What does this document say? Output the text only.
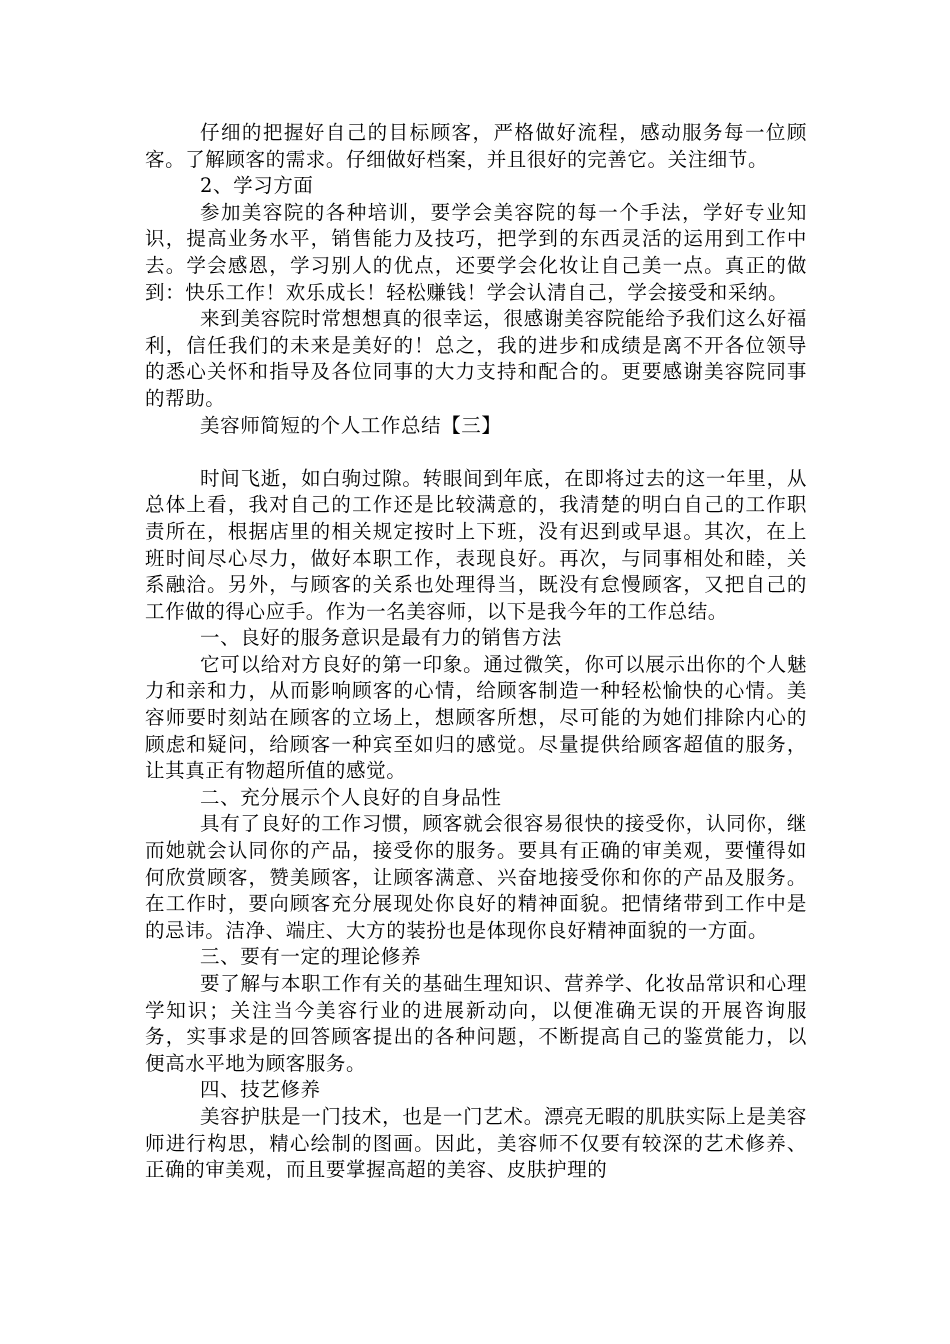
仔细的把握好自己的目标顾客，严格做好流程，感动服务每一位顾客。了解顾客的需求。仔细做好档案，并且很好的完善它。关注细节。

2、学习方面

参加美容院的各种培训，要学会美容院的每一个手法，学好专业知识，提高业务水平，销售能力及技巧，把学到的东西灵活的运用到工作中去。学会感恩，学习别人的优点，还要学会化妆让自己美一点。真正的做到：快乐工作！欢乐成长！轻松赚钱！学会认清自己，学会接受和采纳。

来到美容院时常想想真的很幸运，很感谢美容院能给予我们这么好福利，信任我们的未来是美好的！总之，我的进步和成绩是离不开各位领导的悉心关怀和指导及各位同事的大力支持和配合的。更要感谢美容院同事的帮助。

美容师简短的个人工作总结【三】

时间飞逝，如白驹过隙。转眼间到年底，在即将过去的这一年里，从总体上看，我对自己的工作还是比较满意的，我清楚的明白自己的工作职责所在，根据店里的相关规定按时上下班，没有迟到或早退。其次，在上班时间尽心尽力，做好本职工作，表现良好。再次，与同事相处和睦，关系融洽。另外，与顾客的关系也处理得当，既没有怠慢顾客，又把自己的工作做的得心应手。作为一名美容师，以下是我今年的工作总结。

一、良好的服务意识是最有力的销售方法

它可以给对方良好的第一印象。通过微笑，你可以展示出你的个人魅力和亲和力，从而影响顾客的心情，给顾客制造一种轻松愉快的心情。美容师要时刻站在顾客的立场上，想顾客所想，尽可能的为她们排除内心的顾虑和疑问，给顾客一种宾至如归的感觉。尽量提供给顾客超值的服务，让其真正有物超所值的感觉。

二、充分展示个人良好的自身品性

具有了良好的工作习惯，顾客就会很容易很快的接受你，认同你，继而她就会认同你的产品，接受你的服务。要具有正确的审美观，要懂得如何欣赏顾客，赞美顾客，让顾客满意、兴奋地接受你和你的产品及服务。在工作时，要向顾客充分展现处你良好的精神面貌。把情绪带到工作中是的忌讳。洁净、端庄、大方的装扮也是体现你良好精神面貌的一方面。

三、要有一定的理论修养

要了解与本职工作有关的基础生理知识、营养学、化妆品常识和心理学知识；关注当今美容行业的进展新动向，以便准确无误的开展咨询服务，实事求是的回答顾客提出的各种问题，不断提高自己的鉴赏能力，以便高水平地为顾客服务。

四、技艺修养

美容护肤是一门技术，也是一门艺术。漂亮无暇的肌肤实际上是美容师进行构思，精心绘制的图画。因此，美容师不仅要有较深的艺术修养、正确的审美观，而且要掌握高超的美容、皮肤护理的
